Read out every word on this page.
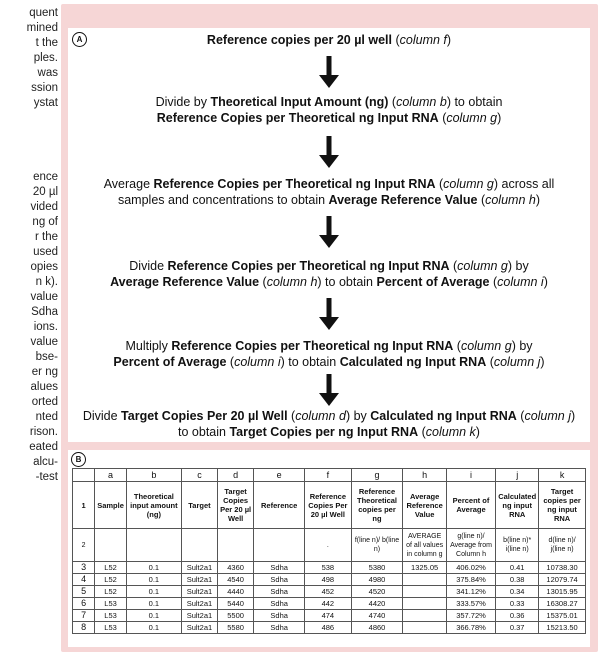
quent
mined
t the
ples.
was
ssion
ystat
ence
20 µl
vided
ng of
r the
used
opies
n k).
value
Sdha
ions.
value
bse-
er ng
alues
orted
nted
rison.
eated
alcu-
-test
A	Reference copies per 20 µl well (column f)
Divide by Theoretical Input Amount (ng) (column b) to obtain
Reference Copies per Theoretical ng Input RNA (column g)
Average Reference Copies per Theoretical ng Input RNA (column g) across all
samples and concentrations to obtain Average Reference Value (column h)
Divide Reference Copies per Theoretical ng Input RNA (column g) by
Average Reference Value (column h) to obtain Percent of Average (column i)
Multiply Reference Copies per Theoretical ng Input RNA (column g) by
Percent of Average (column i) to obtain Calculated ng Input RNA (column j)
Divide Target Copies Per 20 µl Well (column d) by Calculated ng Input RNA (column j)
to obtain Target Copies per ng Input RNA (column k)
B
	a	b	c	d	e	f	g	h	i	j	k
1	Sample	Theoretical input amount (ng)	Target	Target Copies Per 20 µl Well	Reference	Reference Copies Per 20 µl Well	Reference Theoretical copies per ng	Average Reference Value	Percent of Average	Calculated ng input RNA	Target copies per ng input RNA
2						.	f(line n)/ b(line n)	AVERAGE of all values in column g	g(line n)/ Average from Column h	b(line n)* i(line n)	d(line n)/ j(line n)
3	L52	0.1	Sult2a1	4360	Sdha	538	5380	1325.05	406.02%	0.41	10738.30
4	L52	0.1	Sult2a1	4540	Sdha	498	4980		375.84%	0.38	12079.74
5	L52	0.1	Sult2a1	4440	Sdha	452	4520		341.12%	0.34	13015.95
6	L53	0.1	Sult2a1	5440	Sdha	442	4420		333.57%	0.33	16308.27
7	L53	0.1	Sult2a1	5500	Sdha	474	4740		357.72%	0.36	15375.01
8	L53	0.1	Sult2a1	5580	Sdha	486	4860		366.78%	0.37	15213.50
